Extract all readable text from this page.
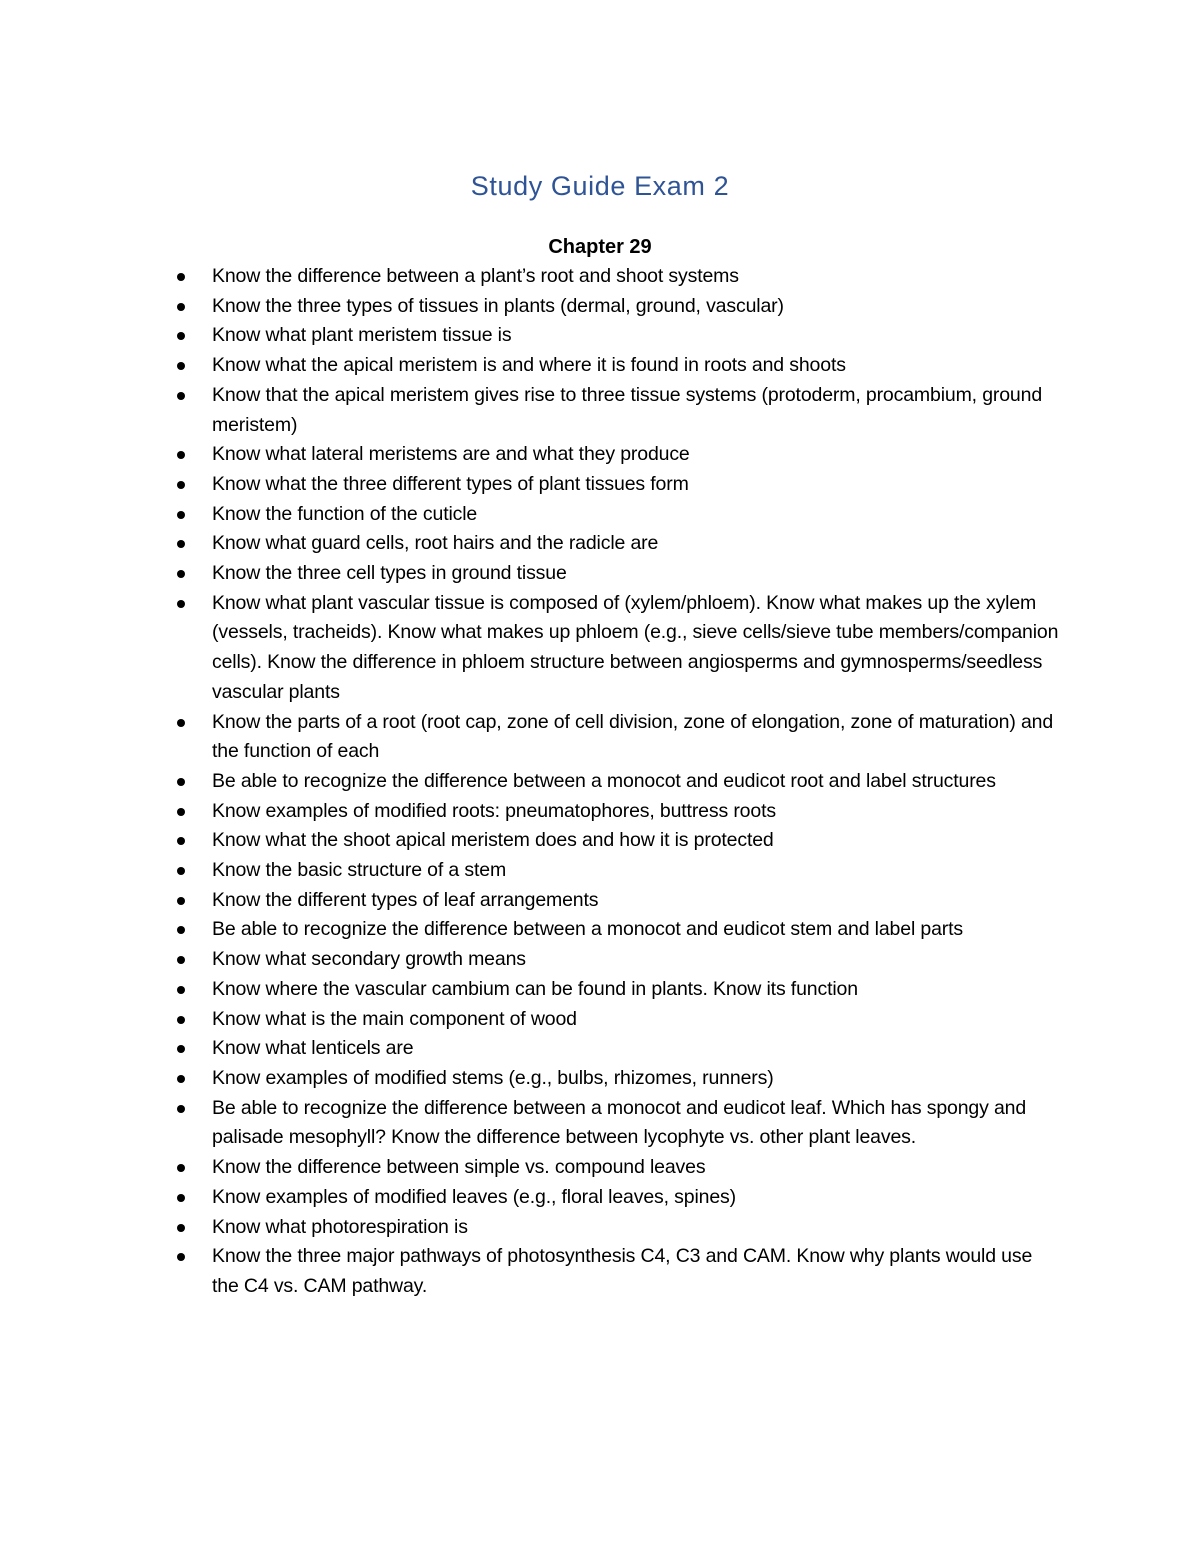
Study Guide Exam 2
Chapter 29
Know the difference between a plant’s root and shoot systems
Know the three types of tissues in plants (dermal, ground, vascular)
Know what plant meristem tissue is
Know what the apical meristem is and where it is found in roots and shoots
Know that the apical meristem gives rise to three tissue systems (protoderm, procambium, ground meristem)
Know what lateral meristems are and what they produce
Know what the three different types of plant tissues form
Know the function of the cuticle
Know what guard cells, root hairs and the radicle are
Know the three cell types in ground tissue
Know what plant vascular tissue is composed of (xylem/phloem). Know what makes up the xylem (vessels, tracheids). Know what makes up phloem (e.g., sieve cells/sieve tube members/companion cells). Know the difference in phloem structure between angiosperms and gymnosperms/seedless vascular plants
Know the parts of a root (root cap, zone of cell division, zone of elongation, zone of maturation) and the function of each
Be able to recognize the difference between a monocot and eudicot root and label structures
Know examples of modified roots: pneumatophores, buttress roots
Know what the shoot apical meristem does and how it is protected
Know the basic structure of a stem
Know the different types of leaf arrangements
Be able to recognize the difference between a monocot and eudicot stem and label parts
Know what secondary growth means
Know where the vascular cambium can be found in plants. Know its function
Know what is the main component of wood
Know what lenticels are
Know examples of modified stems (e.g., bulbs, rhizomes, runners)
Be able to recognize the difference between a monocot and eudicot leaf. Which has spongy and palisade mesophyll? Know the difference between lycophyte vs. other plant leaves.
Know the difference between simple vs. compound leaves
Know examples of modified leaves (e.g., floral leaves, spines)
Know what photorespiration is
Know the three major pathways of photosynthesis C4, C3 and CAM. Know why plants would use the C4 vs. CAM pathway.
